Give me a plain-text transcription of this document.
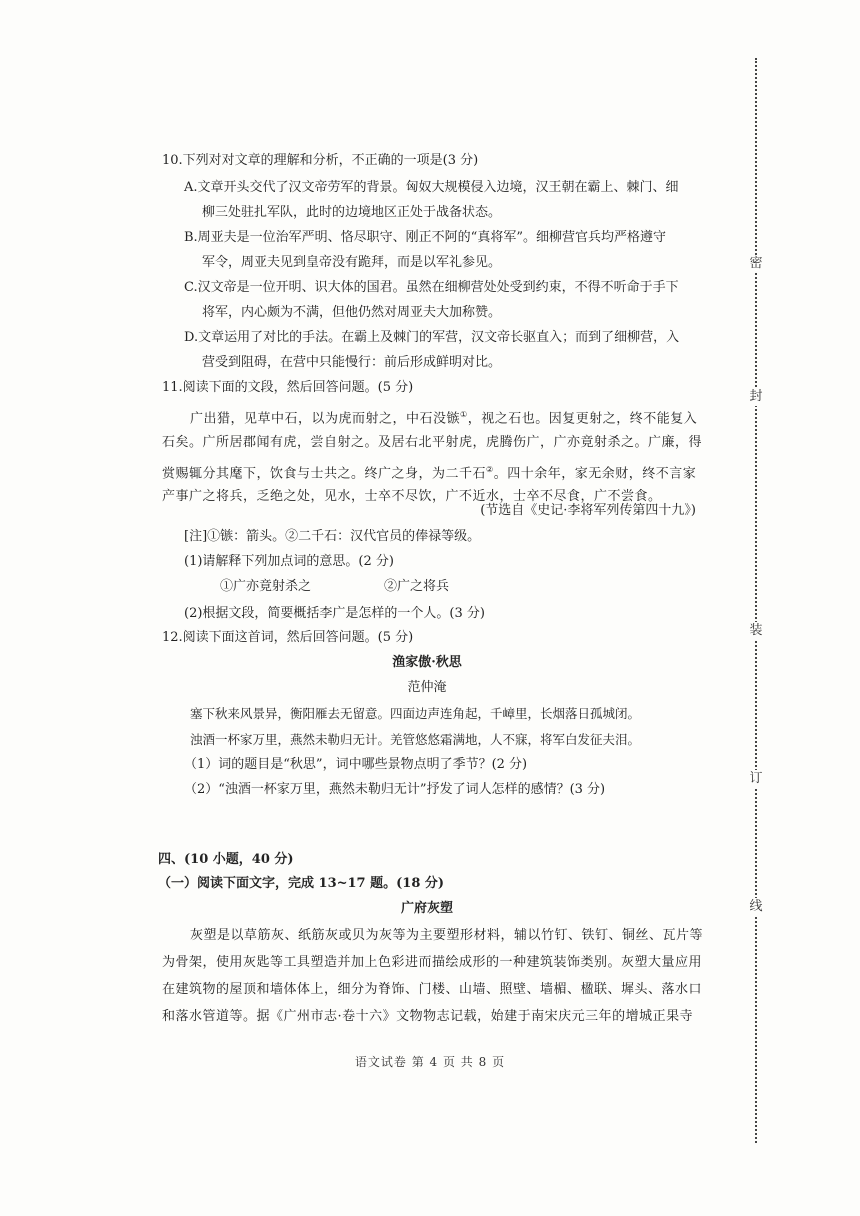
密
封
装
订
线
10.下列对对文章的理解和分析，不正确的一项是(3 分)
A.文章开头交代了汉文帝劳军的背景。匈奴大规模侵入边境，汉王朝在霸上、棘门、细
柳三处驻扎军队，此时的边境地区正处于战备状态。
B.周亚夫是一位治军严明、恪尽职守、刚正不阿的“真将军”。细柳营官兵均严格遵守
军令，周亚夫见到皇帝没有跪拜，而是以军礼参见。
C.汉文帝是一位开明、识大体的国君。虽然在细柳营处处受到约束，不得不听命于手下
将军，内心颇为不满，但他仍然对周亚夫大加称赞。
D.文章运用了对比的手法。在霸上及棘门的军营，汉文帝长驱直入；而到了细柳营，入
营受到阻碍，在营中只能慢行：前后形成鲜明对比。
11.阅读下面的文段，然后回答问题。(5 分)
广出猎，见草中石，以为虎而射之，中石没镞①，视之石也。因复更射之，终不能复入
石矣。广所居郡闻有虎，尝自射之。及居右北平射虎，虎腾伤广，广亦竟射杀之。广廉，得
赏赐辄分其麾下，饮食与士共之。终广之身，为二千石②。四十余年，家无余财，终不言家
产事广之将兵，乏绝之处，见水，士卒不尽饮，广不近水，士卒不尽食，广不尝食。
(节选自《史记·李将军列传第四十九》)
[注]①镞：箭头。②二千石：汉代官员的俸禄等级。
(1)请解释下列加点词的意思。(2 分)
①广亦竟射杀之	②广之将兵
(2)根据文段，简要概括李广是怎样的一个人。(3 分)
12.阅读下面这首词，然后回答问题。(5 分)
渔家傲·秋思
范仲淹
塞下秋来风景异，衡阳雁去无留意。四面边声连角起，千嶂里，长烟落日孤城闭。
浊酒一杯家万里，燕然未勒归无计。羌管悠悠霜满地，人不寐，将军白发征夫泪。
（1）词的题目是“秋思”，词中哪些景物点明了季节？(2 分)
（2）“浊酒一杯家万里，燕然未勒归无计”抒发了词人怎样的感情？(3 分)
四、(10 小题，40 分)
（一）阅读下面文字，完成 13~17 题。(18 分)
广府灰塑
灰塑是以草筋灰、纸筋灰或贝为灰等为主要塑形材料，辅以竹钉、铁钉、铜丝、瓦片等
为骨架，使用灰匙等工具塑造并加上色彩进而描绘成形的一种建筑装饰类别。灰塑大量应用
在建筑物的屋顶和墙体体上，细分为脊饰、门楼、山墙、照壁、墙楣、楹联、墀头、落水口
和落水管道等。据《广州市志·卷十六》文物物志记载，始建于南宋庆元三年的增城正果寺
语文试卷 第 4 页 共 8 页
